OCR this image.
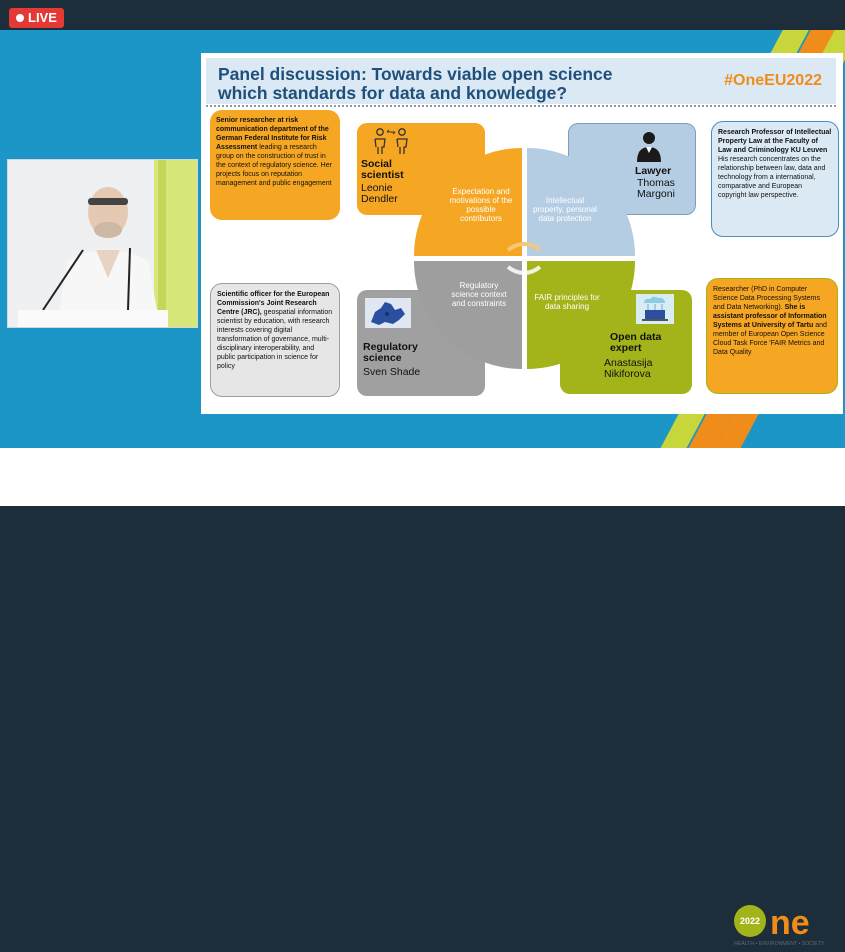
LIVE
Panel discussion: Towards viable open science
which standards for data and knowledge?
#OneEU2022
Senior researcher at risk communication department of the German Federal Institute for Risk Assessment leading a research group on the construction of trust in the context of regulatory science. Her projects focus on reputation management and public engagement
Social scientist
Leonie Dendler
Lawyer
Thomas Margoni
Research Professor of Intellectual Property Law at the Faculty of Law and Criminology KU Leuven His research concentrates on the relationship between law, data and technology from a international, comparative and European copyright law perspective.
Scientific officer for the European Commission's Joint Research Centre (JRC), geospatial information scientist by education, with research interests covering digital transformation of governance, multi-disciplinary interoperability, and public participation in science for policy
Regulatory science
Sven Shade
Open data expert
Anastasija Nikiforova
Researcher (PhD in Computer Science Data Processing Systems and Data Networking). She is assistant professor of Information Systems at University of Tartu and member of European Open Science Cloud Task Force 'FAIR Metrics and Data Quality
Expectation and motivations of the possible contributors
Intellectual property, personal data protection
Regulatory science context and constraints
FAIR principles for data sharing
2022 ne
HEALTH • ENVIRONMENT • SOCIETY
